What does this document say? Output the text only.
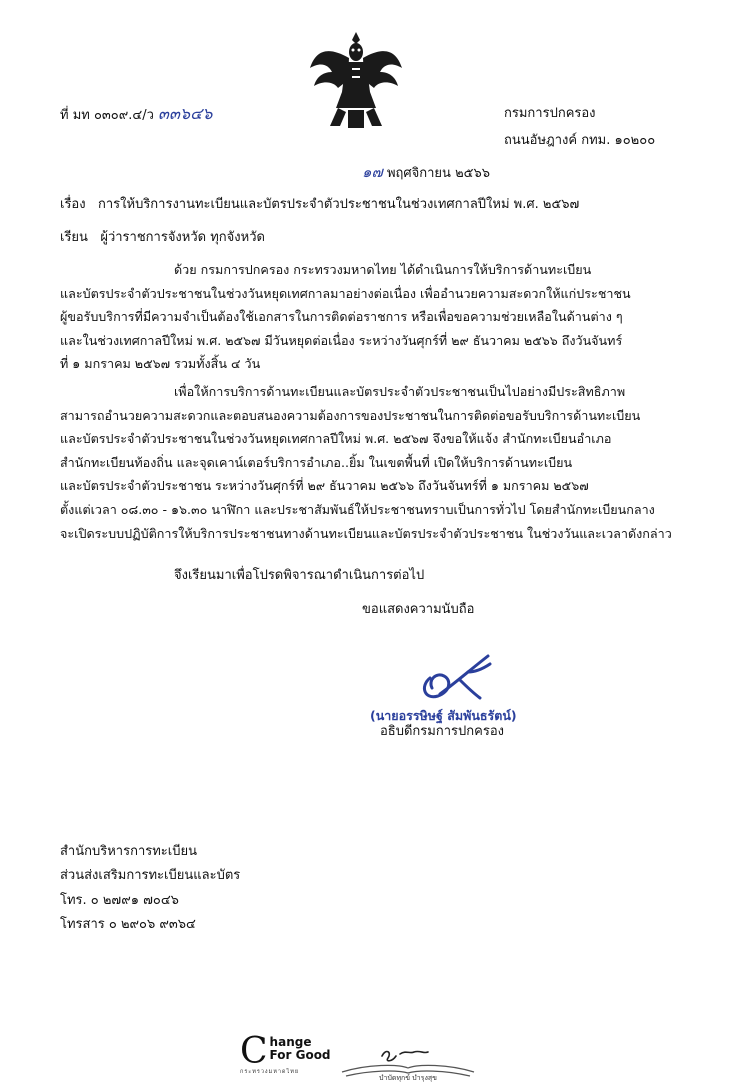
ที่ มท ๐๓๐๙.๔/ว ๓๓๖๔๖	กรมการปกครอง
ถนนอัษฎางค์ กทม. ๑๐๒๐๐
๑๗ พฤศจิกายน ๒๕๖๖
เรื่อง การให้บริการงานทะเบียนและบัตรประจำตัวประชาชนในช่วงเทศกาลปีใหม่ พ.ศ. ๒๕๖๗
เรียน ผู้ว่าราชการจังหวัด ทุกจังหวัด
ด้วย กรมการปกครอง กระทรวงมหาดไทย ได้ดำเนินการให้บริการด้านทะเบียน
และบัตรประจำตัวประชาชนในช่วงวันหยุดเทศกาลมาอย่างต่อเนื่อง เพื่ออำนวยความสะดวกให้แก่ประชาชน
ผู้ขอรับบริการที่มีความจำเป็นต้องใช้เอกสารในการติดต่อราชการ หรือเพื่อขอความช่วยเหลือในด้านต่าง ๆ
และในช่วงเทศกาลปีใหม่ พ.ศ. ๒๕๖๗ มีวันหยุดต่อเนื่อง ระหว่างวันศุกร์ที่ ๒๙ ธันวาคม ๒๕๖๖ ถึงวันจันทร์
ที่ ๑ มกราคม ๒๕๖๗ รวมทั้งสิ้น ๔ วัน
เพื่อให้การบริการด้านทะเบียนและบัตรประจำตัวประชาชนเป็นไปอย่างมีประสิทธิภาพ
สามารถอำนวยความสะดวกและตอบสนองความต้องการของประชาชนในการติดต่อขอรับบริการด้านทะเบียน
และบัตรประจำตัวประชาชนในช่วงวันหยุดเทศกาลปีใหม่ พ.ศ. ๒๕๖๗ จึงขอให้แจ้ง สำนักทะเบียนอำเภอ
สำนักทะเบียนท้องถิ่น และจุดเคาน์เตอร์บริการอำเภอ..ยิ้ม ในเขตพื้นที่ เปิดให้บริการด้านทะเบียน
และบัตรประจำตัวประชาชน ระหว่างวันศุกร์ที่ ๒๙ ธันวาคม ๒๕๖๖ ถึงวันจันทร์ที่ ๑ มกราคม ๒๕๖๗
ตั้งแต่เวลา ๐๘.๓๐ - ๑๖.๓๐ นาฬิกา และประชาสัมพันธ์ให้ประชาชนทราบเป็นการทั่วไป โดยสำนักทะเบียนกลาง
จะเปิดระบบปฏิบัติการให้บริการประชาชนทางด้านทะเบียนและบัตรประจำตัวประชาชน ในช่วงวันและเวลาดังกล่าว
จึงเรียนมาเพื่อโปรดพิจารณาดำเนินการต่อไป
ขอแสดงความนับถือ
(นายอรรษิษฐ์ สัมพันธรัตน์)
อธิบดีกรมการปกครอง
สำนักบริหารการทะเบียน
ส่วนส่งเสริมการทะเบียนและบัตร
โทร. ๐ ๒๗๙๑ ๗๐๔๖
โทรสาร ๐ ๒๙๐๖ ๙๓๖๔
C hange
For Good
กระทรวงมหาดไทย
บำบัดทุกข์ บำรุงสุข
